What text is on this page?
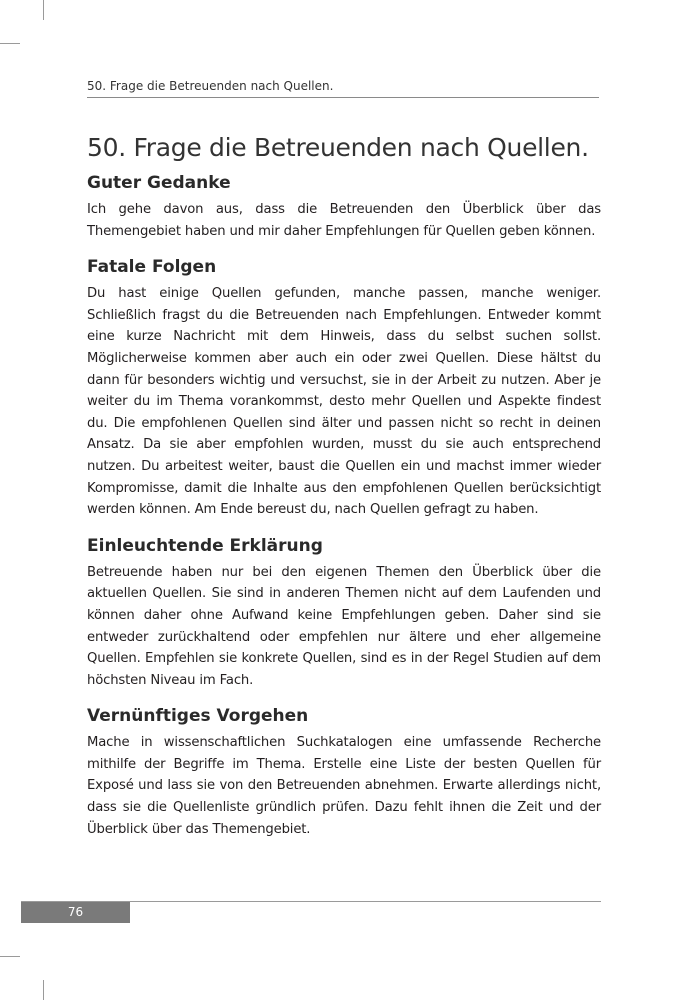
50. Frage die Betreuenden nach Quellen.
50. Frage die Betreuenden nach Quellen.
Guter Gedanke

Ich gehe davon aus, dass die Betreuenden den Überblick über das Themengebiet haben und mir daher Empfehlungen für Quellen geben können.

Fatale Folgen

Du hast einige Quellen gefunden, manche passen, manche weniger. Schließlich fragst du die Betreuenden nach Empfehlungen. Entweder kommt eine kurze Nachricht mit dem Hinweis, dass du selbst suchen sollst. Möglicherweise kommen aber auch ein oder zwei Quellen. Diese hältst du dann für besonders wichtig und versuchst, sie in der Arbeit zu nutzen. Aber je weiter du im Thema vorankommst, desto mehr Quellen und Aspekte findest du. Die empfohlenen Quellen sind älter und passen nicht so recht in deinen Ansatz. Da sie aber empfohlen wurden, musst du sie auch entsprechend nutzen. Du arbeitest weiter, baust die Quellen ein und machst immer wieder Kompromisse, damit die Inhalte aus den empfohlenen Quellen berücksichtigt werden können. Am Ende bereust du, nach Quellen gefragt zu haben.

Einleuchtende Erklärung

Betreuende haben nur bei den eigenen Themen den Überblick über die aktuellen Quellen. Sie sind in anderen Themen nicht auf dem Laufenden und können daher ohne Aufwand keine Empfehlungen geben. Daher sind sie entweder zurückhaltend oder empfehlen nur ältere und eher allgemeine Quellen. Empfehlen sie konkrete Quellen, sind es in der Regel Studien auf dem höchsten Niveau im Fach.

Vernünftiges Vorgehen

Mache in wissenschaftlichen Suchkatalogen eine umfassende Recherche mithilfe der Begriffe im Thema. Erstelle eine Liste der besten Quellen für Exposé und lass sie von den Betreuenden abnehmen. Erwarte allerdings nicht, dass sie die Quellenliste gründlich prüfen. Dazu fehlt ihnen die Zeit und der Überblick über das Themengebiet.

76
